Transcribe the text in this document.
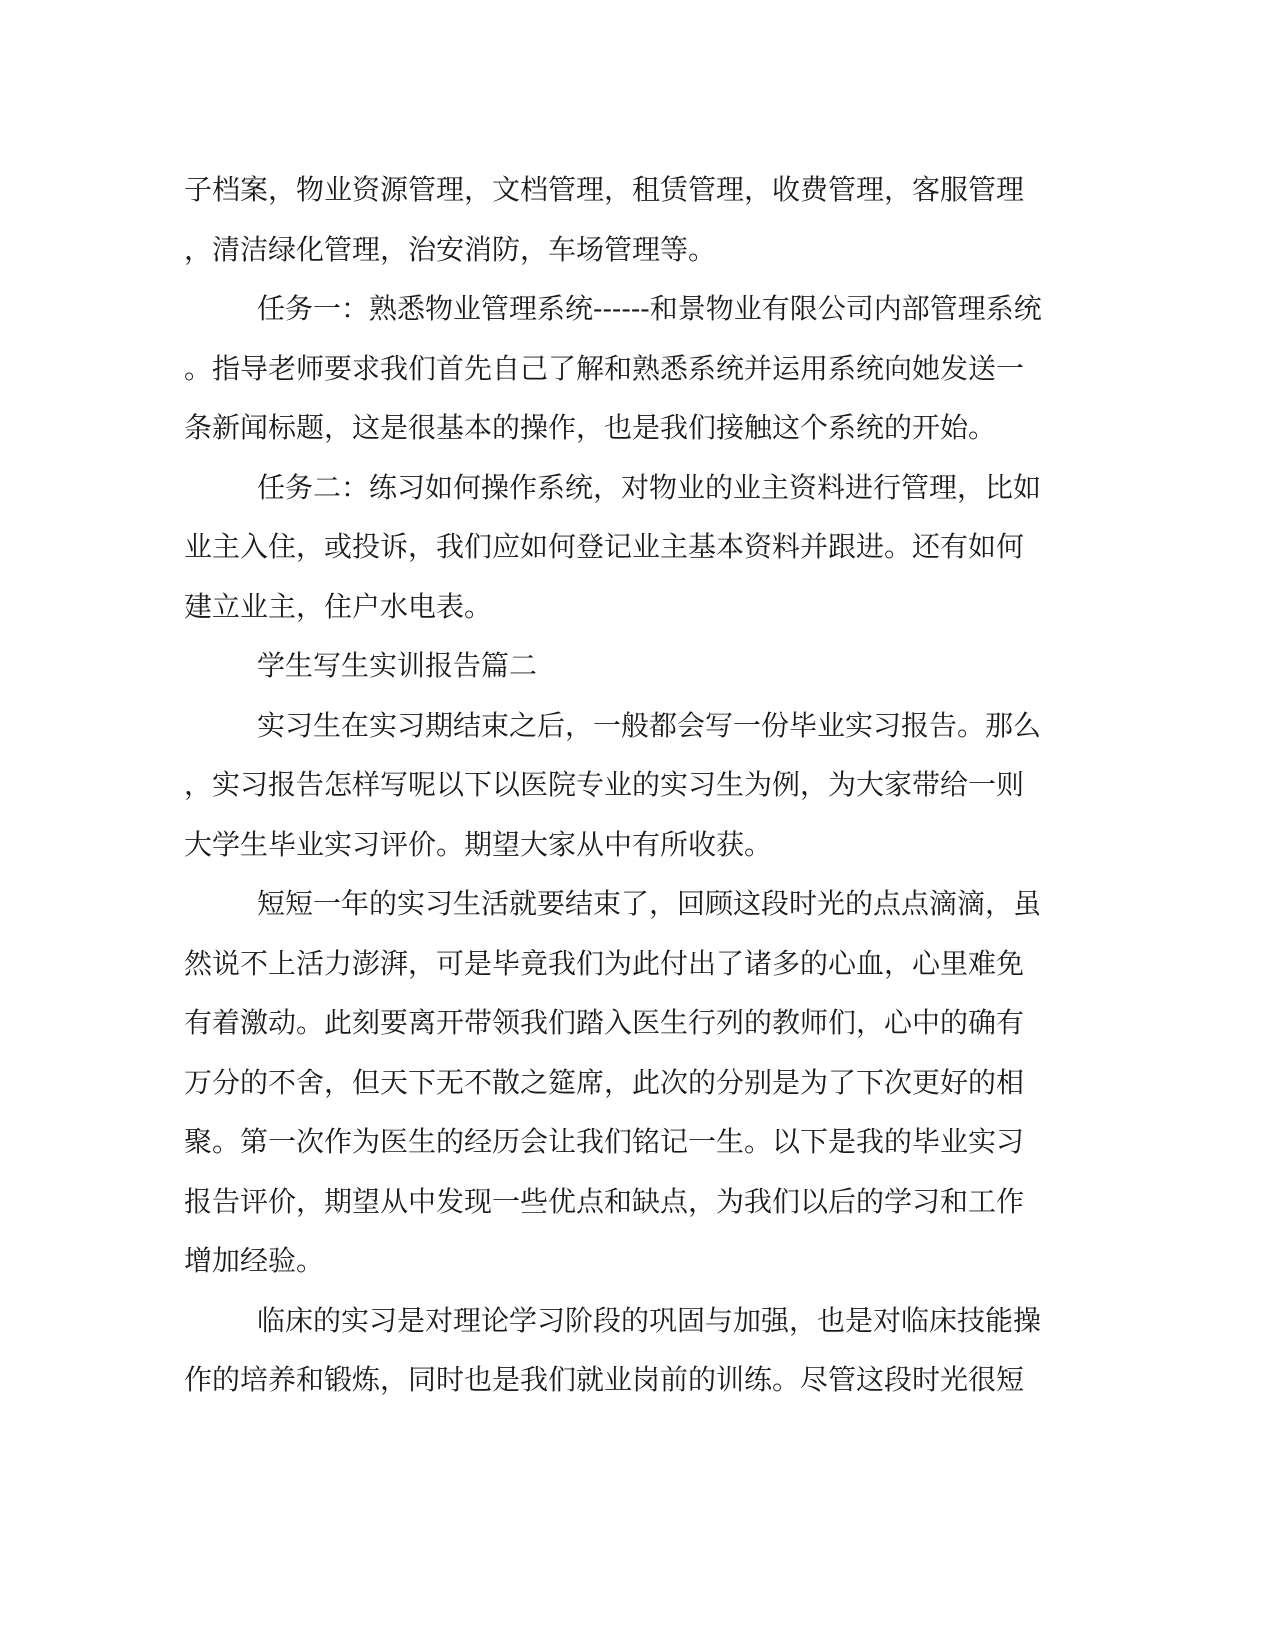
子档案，物业资源管理，文档管理，租赁管理，收费管理，客服管理
，清洁绿化管理，治安消防，车场管理等。
任务一：熟悉物业管理系统------和景物业有限公司内部管理系统
。指导老师要求我们首先自己了解和熟悉系统并运用系统向她发送一
条新闻标题，这是很基本的操作，也是我们接触这个系统的开始。
任务二：练习如何操作系统，对物业的业主资料进行管理，比如
业主入住，或投诉，我们应如何登记业主基本资料并跟进。还有如何
建立业主，住户水电表。
学生写生实训报告篇二
实习生在实习期结束之后，一般都会写一份毕业实习报告。那么
，实习报告怎样写呢以下以医院专业的实习生为例，为大家带给一则
大学生毕业实习评价。期望大家从中有所收获。
短短一年的实习生活就要结束了，回顾这段时光的点点滴滴，虽
然说不上活力澎湃，可是毕竟我们为此付出了诸多的心血，心里难免
有着激动。此刻要离开带领我们踏入医生行列的教师们，心中的确有
万分的不舍，但天下无不散之筵席，此次的分别是为了下次更好的相
聚。第一次作为医生的经历会让我们铭记一生。以下是我的毕业实习
报告评价，期望从中发现一些优点和缺点，为我们以后的学习和工作
增加经验。
临床的实习是对理论学习阶段的巩固与加强，也是对临床技能操
作的培养和锻炼，同时也是我们就业岗前的训练。尽管这段时光很短
